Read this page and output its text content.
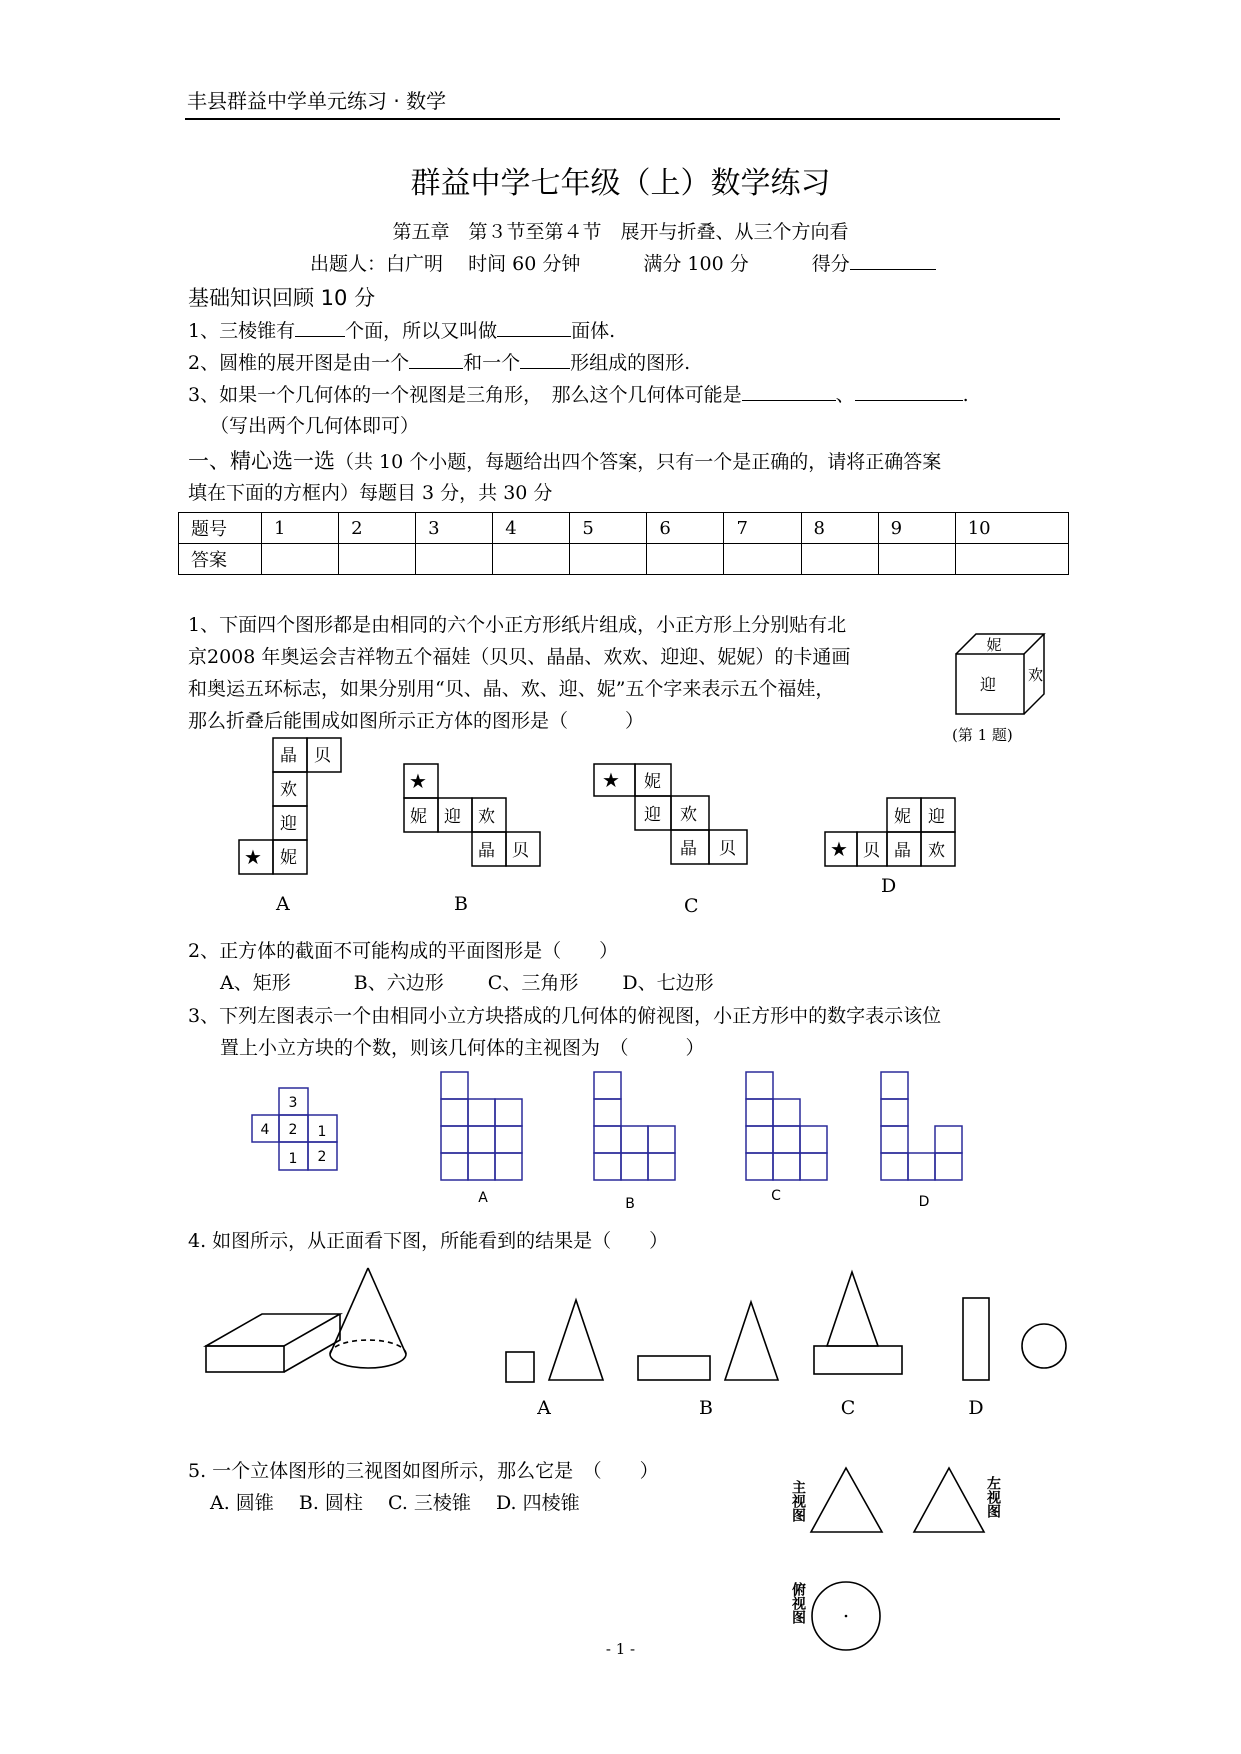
丰县群益中学单元练习 · 数学
群益中学七年级（上）数学练习
第五章　第３节至第４节　展开与折叠、从三个方向看
出题人：白广明　 时间 60 分钟　　　	满分 100 分　　　	得分
基础知识回顾 10 分
1、三棱锥有	个面，所以又叫做	面体.
2、圆椎的展开图是由一个	和一个	形组成的图形.
3、如果一个几何体的一个视图是三角形，　那么这个几何体可能是	、	.
（写出两个几何体即可）
一、精心选一选（共 10 个小题，每题给出四个答案，只有一个是正确的，请将正确答案
填在下面的方框内）每题目 3 分，共 30 分
题号	1	2	3	4	5	6	7	8	9	10
答案										
1、下面四个图形都是由相同的六个小正方形纸片组成，小正方形上分别贴有北
京2008 年奥运会吉祥物五个福娃（贝贝、晶晶、欢欢、迎迎、妮妮）的卡通画
和奥运五环标志，如果分别用“贝、晶、欢、迎、妮”五个字来表示五个福娃，
那么折叠后能围成如图所示正方体的图形是（　　　）
妮
迎 欢
(第 1 题)
晶 贝
欢
迎
妮
★
★
妮 迎 欢
晶 贝
★ 妮
迎 欢
晶 贝
妮 迎
★ 贝 晶 欢
A	B	C
D
2、正方体的截面不可能构成的平面图形是（　　）
A、矩形　　　	B、六边形　　 C、三角形　　 D、七边形
3、下列左图表示一个由相同小立方块搭成的几何体的俯视图，小正方形中的数字表示该位
置上小立方块的个数，则该几何体的主视图为　（　　　）
3
4 2 1
1 2
A	B	C	D
4. 如图所示，从正面看下图，所能看到的结果是（　　）
A	B	C	D
5. 一个立体图形的三视图如图所示，那么它是　（　　）
A. 圆锥　 B. 圆柱　 C. 三棱锥　 D. 四棱锥	主视图	左视图
俯视图
- 1 -
